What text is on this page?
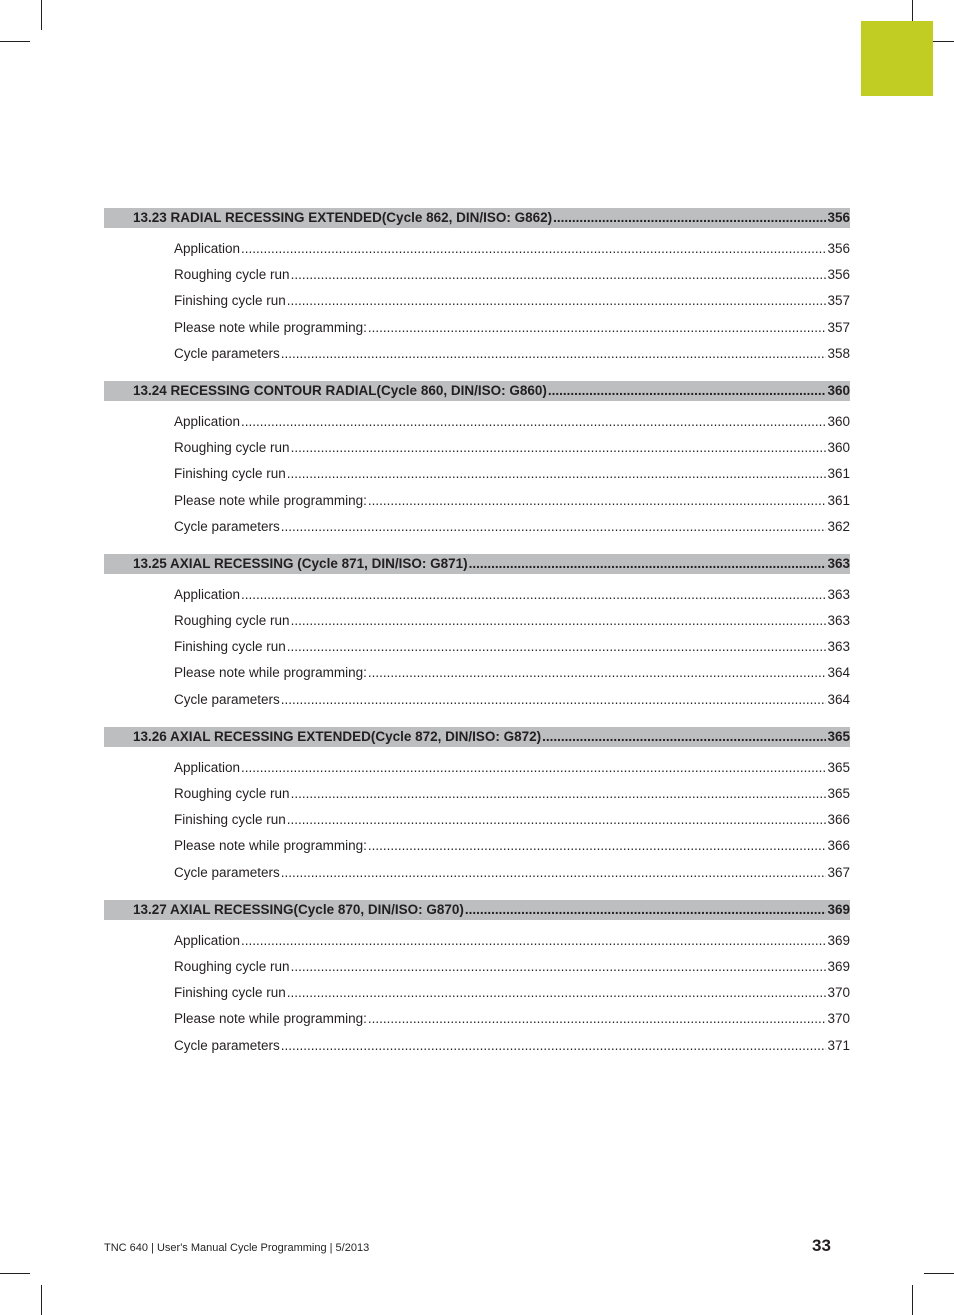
13.23 RADIAL RECESSING EXTENDED(Cycle 862, DIN/ISO: G862) .....	356
Application .....	356
Roughing cycle run .....	356
Finishing cycle run .....	357
Please note while programming: .....	357
Cycle parameters .....	358
13.24 RECESSING CONTOUR RADIAL(Cycle 860, DIN/ISO: G860) .....	360
Application .....	360
Roughing cycle run .....	360
Finishing cycle run .....	361
Please note while programming: .....	361
Cycle parameters .....	362
13.25 AXIAL RECESSING (Cycle 871, DIN/ISO: G871) .....	363
Application .....	363
Roughing cycle run .....	363
Finishing cycle run .....	363
Please note while programming: .....	364
Cycle parameters .....	364
13.26 AXIAL RECESSING EXTENDED(Cycle 872, DIN/ISO: G872) .....	365
Application .....	365
Roughing cycle run .....	365
Finishing cycle run .....	366
Please note while programming: .....	366
Cycle parameters .....	367
13.27 AXIAL RECESSING(Cycle 870, DIN/ISO: G870) .....	369
Application .....	369
Roughing cycle run .....	369
Finishing cycle run .....	370
Please note while programming: .....	370
Cycle parameters .....	371
TNC 640 | User's Manual Cycle Programming | 5/2013	33
